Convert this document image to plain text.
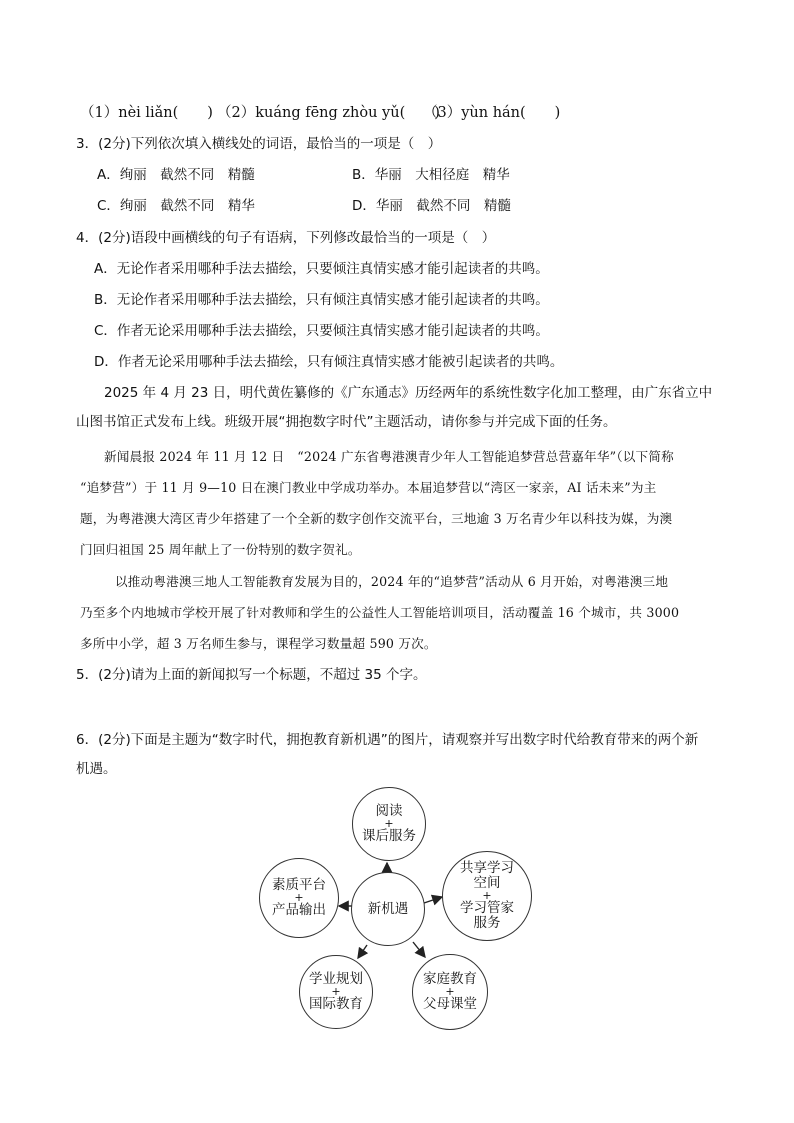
（1）nèi liǎn(　　) （2）kuáng fēng zhòu yǔ(　　)
（3）yùn hán(　　)
3．(2分)下列依次填入横线处的词语，最恰当的一项是（　）
A．绚丽　截然不同　精髓	B．华丽　大相径庭　精华
C．绚丽　截然不同　精华	D．华丽　截然不同　精髓
4．(2分)语段中画横线的句子有语病，下列修改最恰当的一项是（　）
A．无论作者采用哪种手法去描绘，只要倾注真情实感才能引起读者的共鸣。
B．无论作者采用哪种手法去描绘，只有倾注真情实感才能引起读者的共鸣。
C．作者无论采用哪种手法去描绘，只要倾注真情实感才能引起读者的共鸣。
D．作者无论采用哪种手法去描绘，只有倾注真情实感才能被引起读者的共鸣。
2025 年 4 月 23 日，明代黄佐纂修的《广东通志》历经两年的系统性数字化加工整理，由广东省立中
山图书馆正式发布上线。班级开展“拥抱数字时代”主题活动，请你参与并完成下面的任务。
新闻晨报 2024 年 11 月 12 日　“2024 广东省粤港澳青少年人工智能追梦营总营嘉年华”（以下简称
“追梦营”）于 11 月 9—10 日在澳门教业中学成功举办。本届追梦营以“湾区一家亲，AI 话未来”为主
题，为粤港澳大湾区青少年搭建了一个全新的数字创作交流平台，三地逾 3 万名青少年以科技为媒，为澳
门回归祖国 25 周年献上了一份特别的数字贺礼。
以推动粤港澳三地人工智能教育发展为目的，2024 年的“追梦营”活动从 6 月开始，对粤港澳三地
乃至多个内地城市学校开展了针对教师和学生的公益性人工智能培训项目，活动覆盖 16 个城市，共 3000
多所中小学，超 3 万名师生参与，课程学习数量超 590 万次。
5．(2分)请为上面的新闻拟写一个标题，不超过 35 个字。
6．(2分)下面是主题为“数字时代，拥抱教育新机遇”的图片，请观察并写出数字时代给教育带来的两个新
机遇。
新机遇
阅读
+
课后服务
素质平台
+
产品输出
共享学习
空间
+
学习管家
服务
学业规划
+
国际教育
家庭教育
+
父母课堂
